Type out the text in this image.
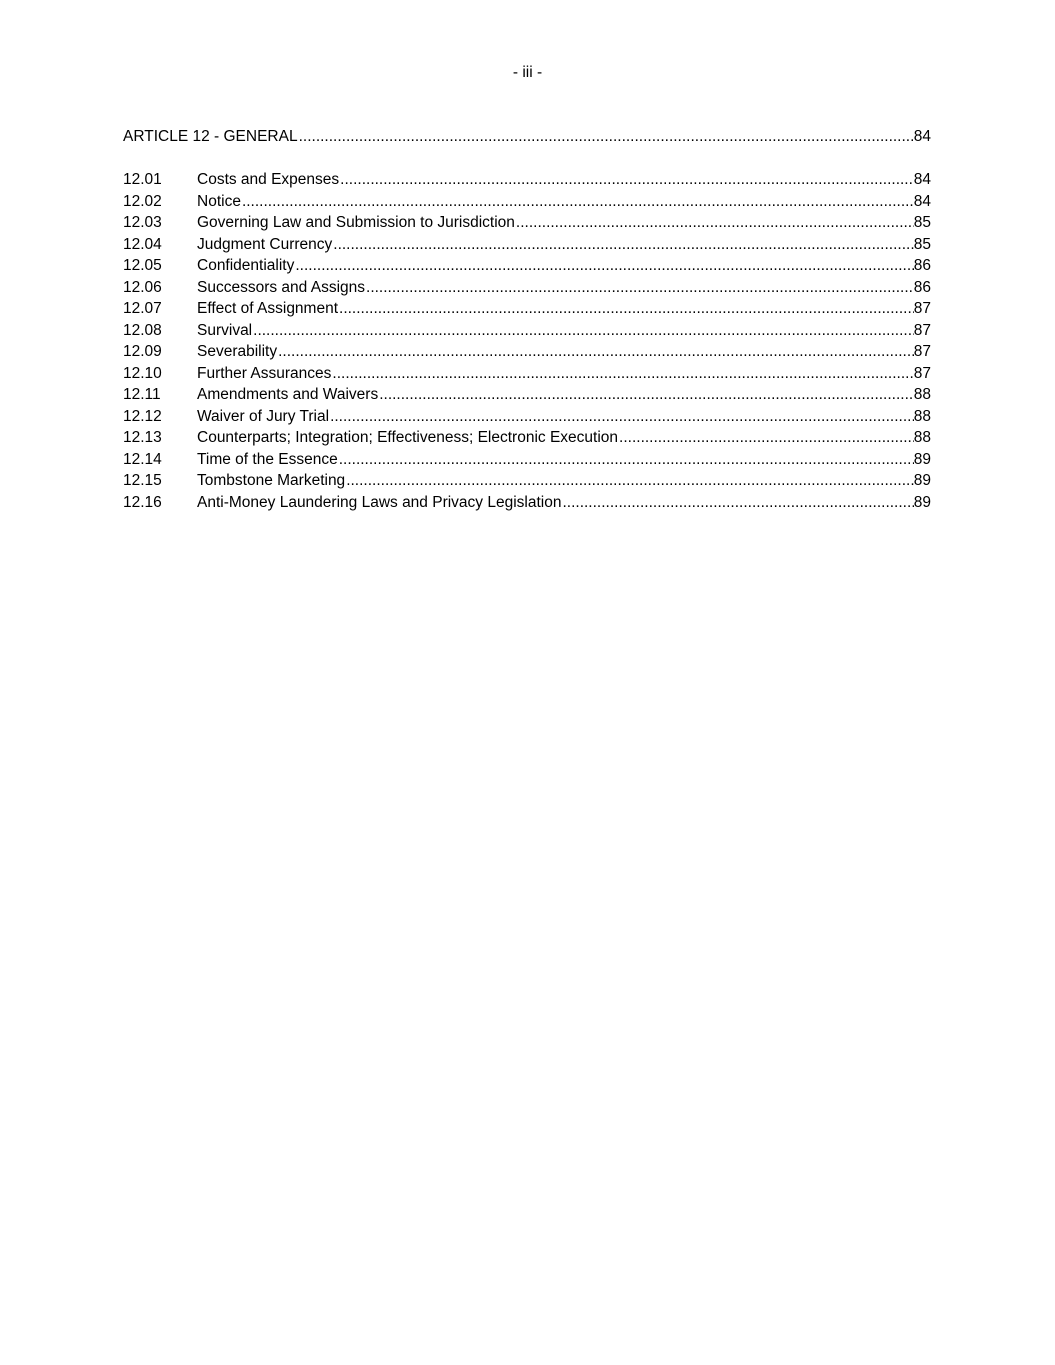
- iii -
ARTICLE 12 - GENERAL .....	84
12.01	Costs and Expenses .....	84
12.02	Notice .....	84
12.03	Governing Law and Submission to Jurisdiction .....	85
12.04	Judgment Currency .....	85
12.05	Confidentiality .....	86
12.06	Successors and Assigns .....	86
12.07	Effect of Assignment .....	87
12.08	Survival .....	87
12.09	Severability .....	87
12.10	Further Assurances .....	87
12.11	Amendments and Waivers .....	88
12.12	Waiver of Jury Trial .....	88
12.13	Counterparts; Integration; Effectiveness; Electronic Execution .....	88
12.14	Time of the Essence .....	89
12.15	Tombstone Marketing .....	89
12.16	Anti-Money Laundering Laws and Privacy Legislation .....	89
